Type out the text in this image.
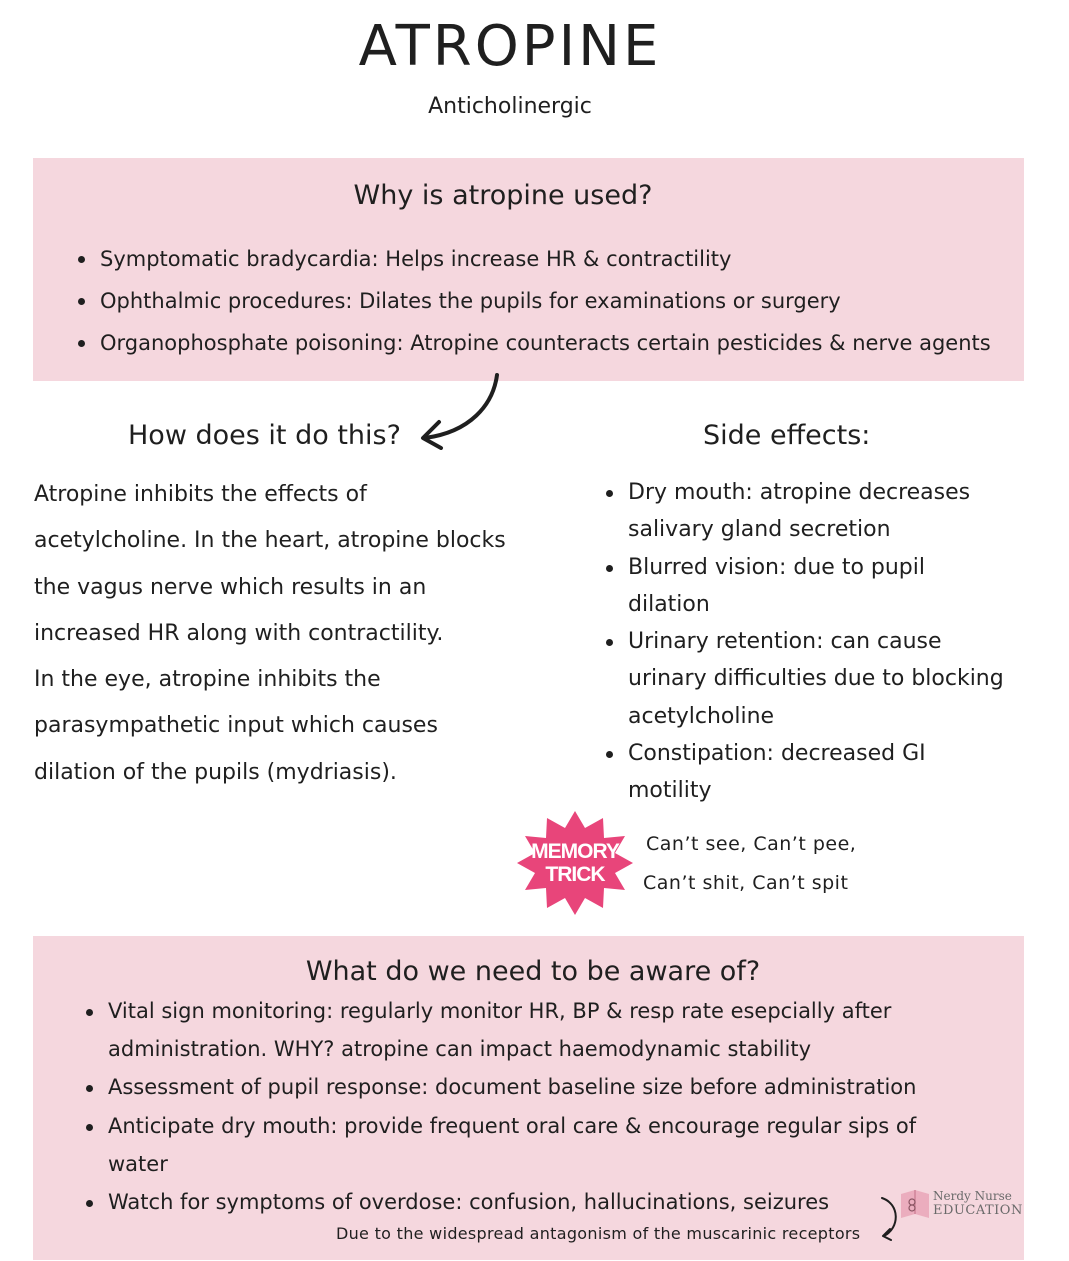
ATROPINE
Anticholinergic
Why is atropine used?
Symptomatic bradycardia: Helps increase HR & contractility
Ophthalmic procedures: Dilates the pupils for examinations or surgery
Organophosphate poisoning: Atropine counteracts certain pesticides & nerve agents
How does it do this?	Side effects:

Atropine inhibits the effects of
acetylcholine. In the heart, atropine blocks
the vagus nerve which results in an
increased HR along with contractility.
In the eye, atropine inhibits the
parasympathetic input which causes
dilation of the pupils (mydriasis).

Dry mouth: atropine decreases
salivary gland secretion
Blurred vision: due to pupil
dilation
Urinary retention: can cause
urinary difficulties due to blocking
acetylcholine
Constipation: decreased GI
motility
MEMORY
TRICK
Can’t see, Can’t pee,
Can’t shit, Can’t spit
What do we need to be aware of?
Vital sign monitoring: regularly monitor HR, BP & resp rate esepcially after
administration. WHY? atropine can impact haemodynamic stability
Assessment of pupil response: document baseline size before administration
Anticipate dry mouth: provide frequent oral care & encourage regular sips of
water
Watch for symptoms of overdose: confusion, hallucinations, seizures
Due to the widespread antagonism of the muscarinic receptors
Nerdy Nurse
EDUCATION
